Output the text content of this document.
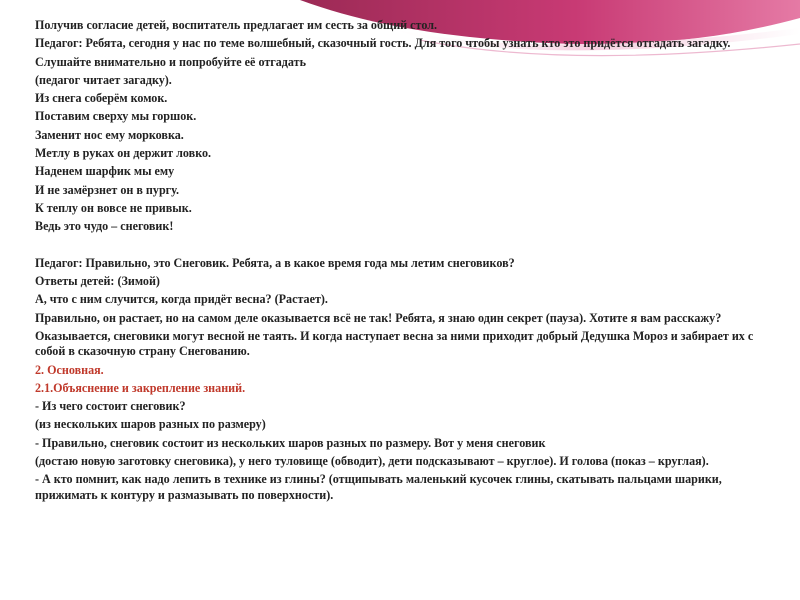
Получив согласие детей, воспитатель предлагает им сесть за общий стол.

Педагог: Ребята, сегодня у нас по теме волшебный, сказочный гость. Для того чтобы узнать кто это придётся отгадать загадку.

Слушайте внимательно и попробуйте её отгадать

(педагог читает загадку).

Из снега соберём комок.

Поставим сверху мы горшок.

Заменит нос ему морковка.

Метлу в руках он держит ловко.

Наденем шарфик мы ему

И не замёрзнет он в пургу.

К теплу он вовсе не привык.

Ведь это чудо – снеговик!

Педагог: Правильно, это Снеговик. Ребята, а в какое время года мы летим снеговиков?

Ответы детей: (Зимой)

А, что с ним случится, когда придёт весна? (Растает).

Правильно, он растает, но на самом деле оказывается всё не так! Ребята, я знаю один секрет (пауза). Хотите я вам расскажу?

Оказывается, снеговики могут весной не таять. И когда наступает весна за ними приходит добрый Дедушка Мороз и забирает их с собой в сказочную страну Снегованию.

2. Основная.

2.1.Объяснение и закрепление знаний.

- Из чего состоит снеговик?

(из нескольких шаров разных по размеру)

- Правильно, снеговик состоит из нескольких шаров разных по размеру. Вот у меня снеговик

(достаю новую заготовку снеговика), у него туловище (обводит), дети подсказывают – круглое). И голова (показ – круглая).

- А кто помнит, как надо лепить в технике из глины? (отщипывать маленький кусочек глины, скатывать пальцами шарики, прижимать к контуру и размазывать по поверхности).
